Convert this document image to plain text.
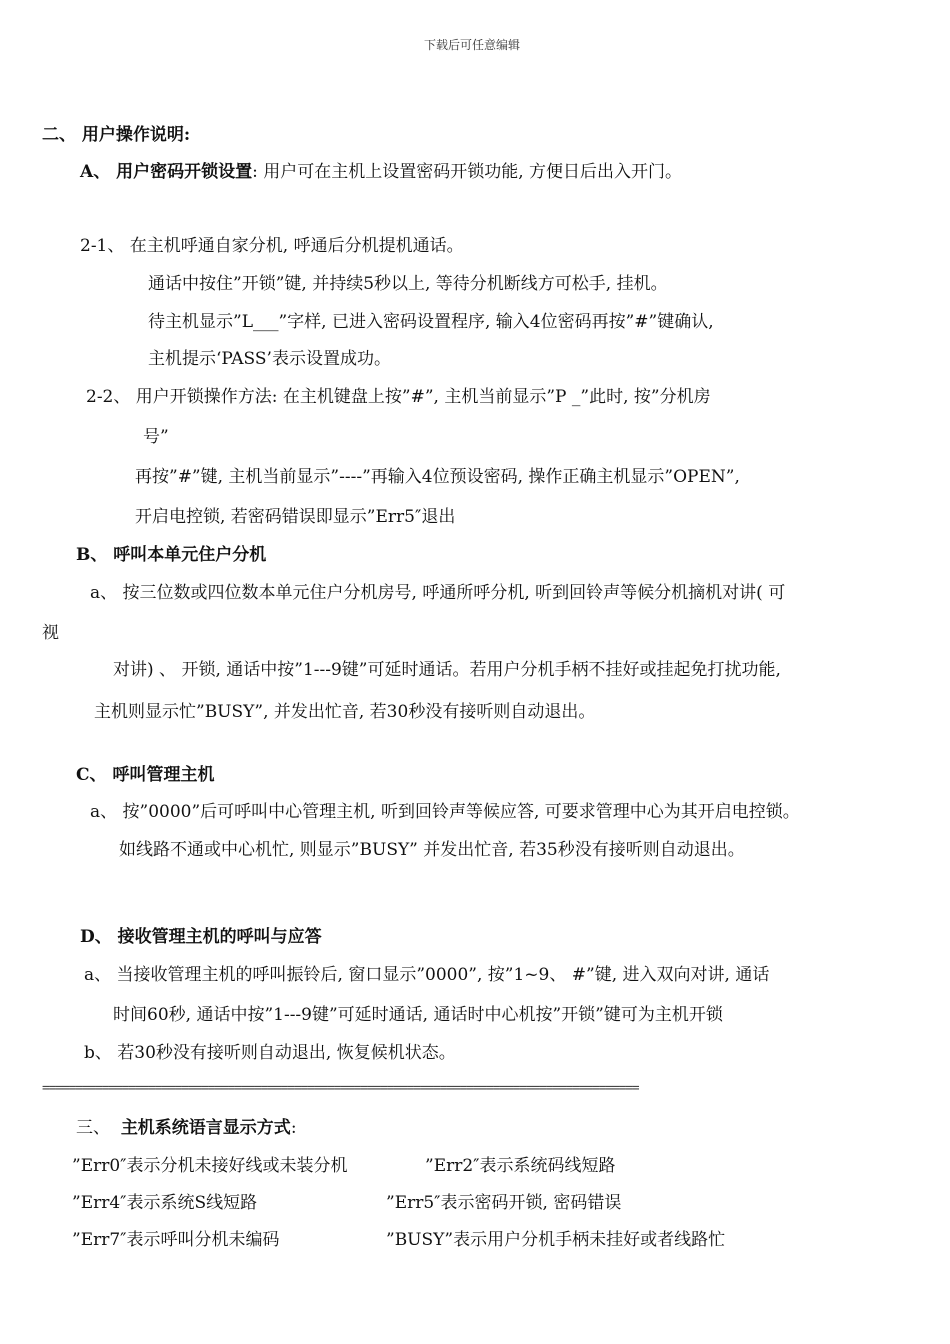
下载后可任意编辑
二、 用户操作说明:
A、 用户密码开锁设置: 用户可在主机上设置密码开锁功能, 方便日后出入开门。
2-1、 在主机呼通自家分机, 呼通后分机提机通话。
通话中按住”开锁”键, 并持续5秒以上, 等待分机断线方可松手, 挂机。
待主机显示”L___”字样, 已进入密码设置程序, 输入4位密码再按”#”键确认,
主机提示‘PASS’表示设置成功。
2-2、 用户开锁操作方法: 在主机键盘上按”#”, 主机当前显示”P _”此时, 按”分机房
号”
再按”#”键, 主机当前显示”----”再输入4位预设密码, 操作正确主机显示”OPEN”,
开启电控锁, 若密码错误即显示”Err5″退出
B、 呼叫本单元住户分机
a、 按三位数或四位数本单元住户分机房号, 呼通所呼分机, 听到回铃声等候分机摘机对讲( 可
视
对讲) 、 开锁, 通话中按”1---9键”可延时通话。若用户分机手柄不挂好或挂起免打扰功能,
主机则显示忙”BUSY”, 并发出忙音, 若30秒没有接听则自动退出。
C、 呼叫管理主机
a、 按”0000”后可呼叫中心管理主机, 听到回铃声等候应答, 可要求管理中心为其开启电控锁。
如线路不通或中心机忙, 则显示”BUSY” 并发出忙音, 若35秒没有接听则自动退出。
D、 接收管理主机的呼叫与应答
a、 当接收管理主机的呼叫振铃后, 窗口显示”0000”, 按”1~9、 #”键, 进入双向对讲, 通话
时间60秒, 通话中按”1---9键”可延时通话, 通话时中心机按”开锁”键可为主机开锁
b、 若30秒没有接听则自动退出, 恢复候机状态。
==========================================================================================
三、 主机系统语言显示方式:
”Err0″表示分机未接好线或未装分机	”Err2″表示系统码线短路
”Err4″表示系统S线短路	”Err5″表示密码开锁, 密码错误
”Err7″表示呼叫分机未编码	”BUSY”表示用户分机手柄未挂好或者线路忙
